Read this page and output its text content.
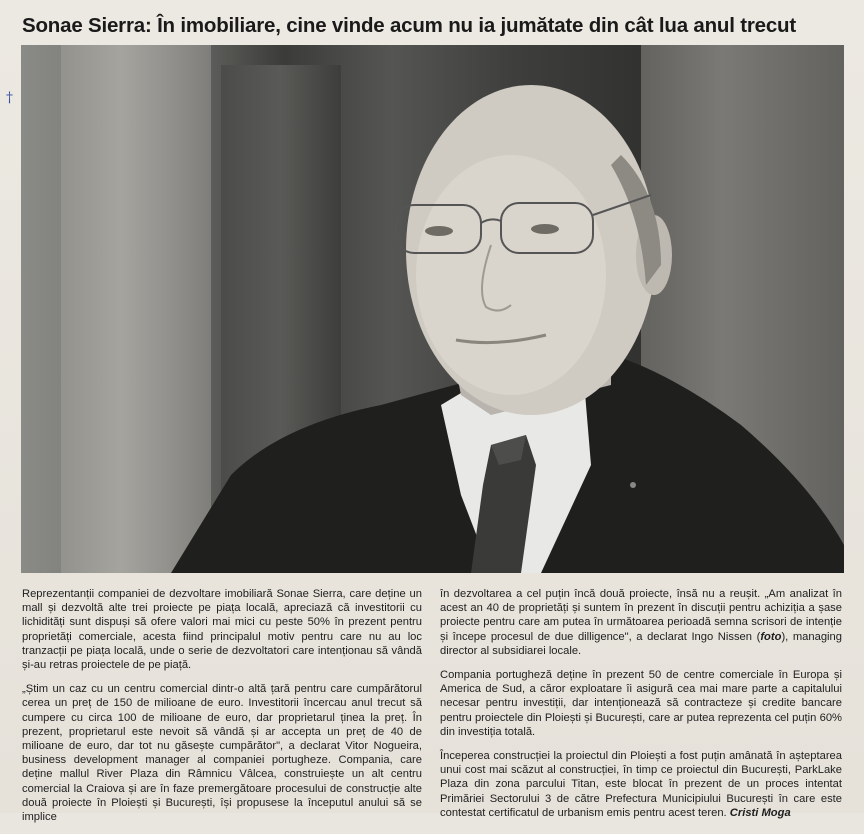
†
Sonae Sierra: În imobiliare, cine vinde acum nu ia jumătate din cât lua anul trecut

Reprezentanții companiei de dezvoltare imobiliară Sonae Sierra, care deține un mall și dezvoltă alte trei proiecte pe piața locală, apreciază că investitorii cu lichidități sunt dispuși să ofere valori mai mici cu peste 50% în prezent pentru proprietăți comerciale, acesta fiind principalul motiv pentru care nu au loc tranzacții pe piața locală, unde o serie de dezvoltatori care intenționau să vândă și-au retras proiectele de pe piață.

„Știm un caz cu un centru comercial dintr-o altă țară pentru care cumpărătorul cerea un preț de 150 de milioane de euro. Investitorii încercau anul trecut să cumpere cu circa 100 de milioane de euro, dar proprietarul ținea la preț. În prezent, proprietarul este nevoit să vândă și ar accepta un preț de 40 de milioane de euro, dar tot nu găsește cumpărător", a declarat Vitor Nogueira, business development manager al companiei portugheze. Compania, care deține mallul River Plaza din Râmnicu Vâlcea, construiește un alt centru comercial la Craiova și are în faze premergătoare procesului de construcție alte două proiecte în Ploiești și București, își propusese la începutul anului să se implice

în dezvoltarea a cel puțin încă două proiecte, însă nu a reușit. „Am analizat în acest an 40 de proprietăți și suntem în prezent în discuții pentru achiziția a șase proiecte pentru care am putea în următoarea perioadă semna scrisori de intenție și începe procesul de due dilligence", a declarat Ingo Nissen (foto), managing director al subsidiarei locale.

Compania portugheză deține în prezent 50 de centre comerciale în Europa și America de Sud, a căror exploatare îi asigură cea mai mare parte a capitalului necesar pentru investiții, dar intenționează să contracteze și credite bancare pentru proiectele din Ploiești și București, care ar putea reprezenta cel puțin 60% din investiția totală.

Începerea construcției la proiectul din Ploiești a fost puțin amânată în așteptarea unui cost mai scăzut al construcției, în timp ce proiectul din București, ParkLake Plaza din zona parcului Titan, este blocat în prezent de un proces intentat Primăriei Sectorului 3 de către Prefectura Municipiului București în care este contestat certificatul de urbanism emis pentru acest teren. Cristi Moga
